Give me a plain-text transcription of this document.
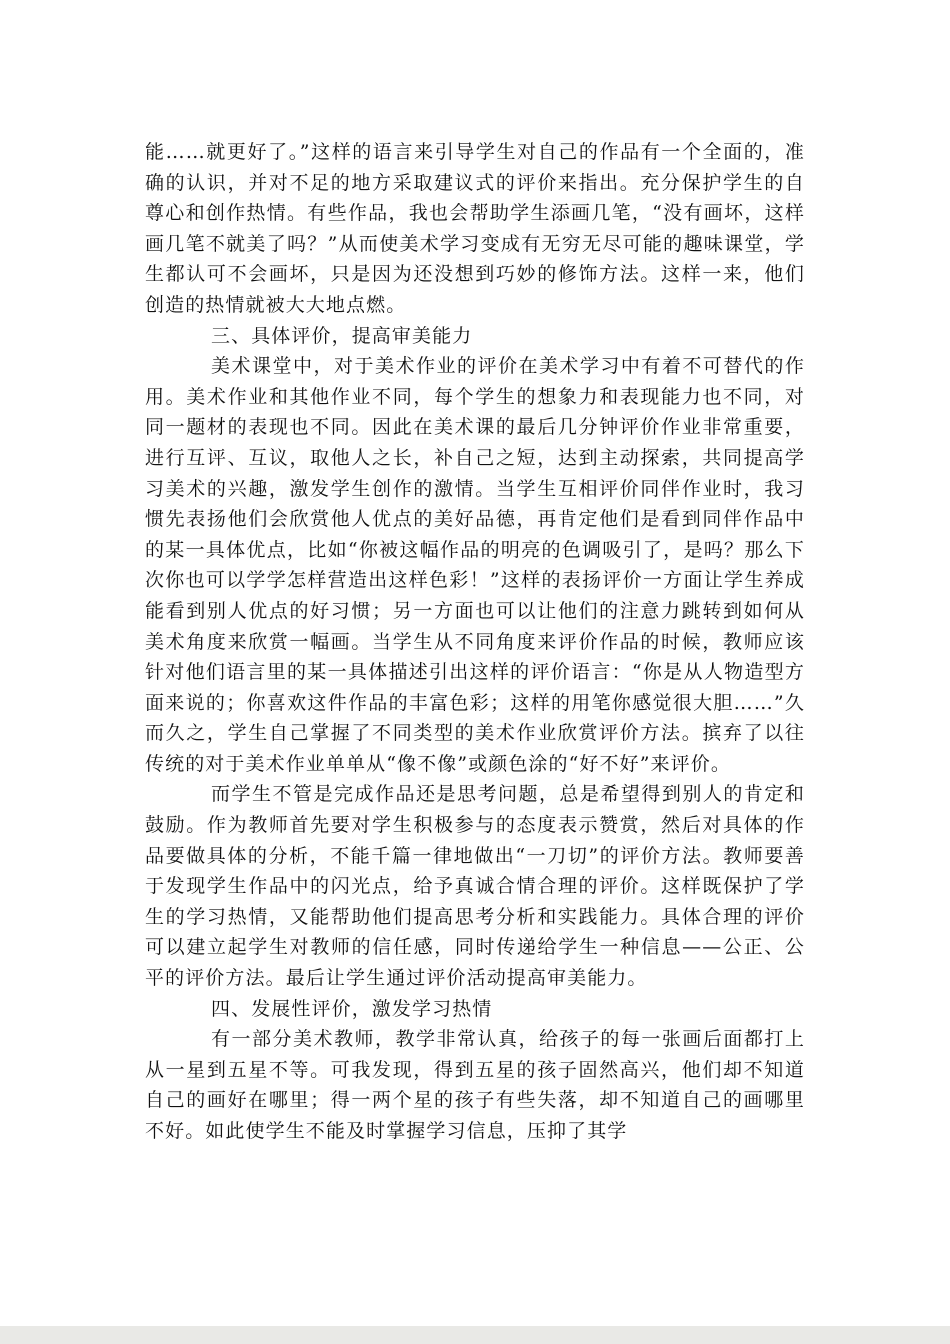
能……就更好了。”这样的语言来引导学生对自己的作品有一个全面的，准确的认识，并对不足的地方采取建议式的评价来指出。充分保护学生的自尊心和创作热情。有些作品，我也会帮助学生添画几笔，“没有画坏，这样画几笔不就美了吗？”从而使美术学习变成有无穷无尽可能的趣味课堂，学生都认可不会画坏，只是因为还没想到巧妙的修饰方法。这样一来，他们创造的热情就被大大地点燃。

三、具体评价，提高审美能力

美术课堂中，对于美术作业的评价在美术学习中有着不可替代的作用。美术作业和其他作业不同，每个学生的想象力和表现能力也不同，对同一题材的表现也不同。因此在美术课的最后几分钟评价作业非常重要，进行互评、互议，取他人之长，补自己之短，达到主动探索，共同提高学习美术的兴趣，激发学生创作的激情。当学生互相评价同伴作业时，我习惯先表扬他们会欣赏他人优点的美好品德，再肯定他们是看到同伴作品中的某一具体优点，比如“你被这幅作品的明亮的色调吸引了，是吗？那么下次你也可以学学怎样营造出这样色彩！”这样的表扬评价一方面让学生养成能看到别人优点的好习惯；另一方面也可以让他们的注意力跳转到如何从美术角度来欣赏一幅画。当学生从不同角度来评价作品的时候，教师应该针对他们语言里的某一具体描述引出这样的评价语言：“你是从人物造型方面来说的；你喜欢这件作品的丰富色彩；这样的用笔你感觉很大胆……”久而久之，学生自己掌握了不同类型的美术作业欣赏评价方法。摈弃了以往传统的对于美术作业单单从“像不像”或颜色涂的“好不好”来评价。

而学生不管是完成作品还是思考问题，总是希望得到别人的肯定和鼓励。作为教师首先要对学生积极参与的态度表示赞赏，然后对具体的作品要做具体的分析，不能千篇一律地做出“一刀切”的评价方法。教师要善于发现学生作品中的闪光点，给予真诚合情合理的评价。这样既保护了学生的学习热情，又能帮助他们提高思考分析和实践能力。具体合理的评价可以建立起学生对教师的信任感，同时传递给学生一种信息——公正、公平的评价方法。最后让学生通过评价活动提高审美能力。

四、发展性评价，激发学习热情

有一部分美术教师，教学非常认真，给孩子的每一张画后面都打上从一星到五星不等。可我发现，得到五星的孩子固然高兴，他们却不知道自己的画好在哪里；得一两个星的孩子有些失落，却不知道自己的画哪里不好。如此使学生不能及时掌握学习信息，压抑了其学
